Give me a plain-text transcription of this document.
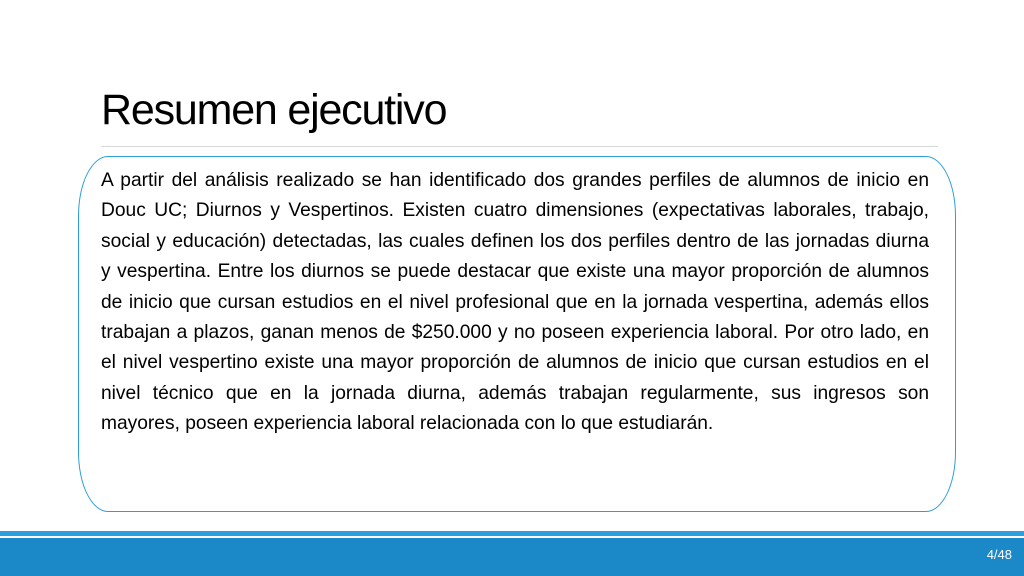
Resumen ejecutivo

A partir del análisis realizado se han identificado dos grandes perfiles de alumnos de inicio en Douc UC; Diurnos y Vespertinos. Existen cuatro dimensiones (expectativas laborales, trabajo, social y educación) detectadas, las cuales definen los dos perfiles dentro de las jornadas diurna y vespertina. Entre los diurnos se puede destacar que existe una mayor proporción de alumnos de inicio que cursan estudios en el nivel profesional que en la jornada vespertina, además ellos trabajan a plazos, ganan menos de $250.000 y no poseen experiencia laboral. Por otro lado, en el nivel vespertino existe una mayor proporción de alumnos de inicio que cursan estudios en el nivel técnico que en la jornada diurna, además trabajan regularmente, sus ingresos son mayores, poseen experiencia laboral relacionada con lo que estudiarán.

4/48
